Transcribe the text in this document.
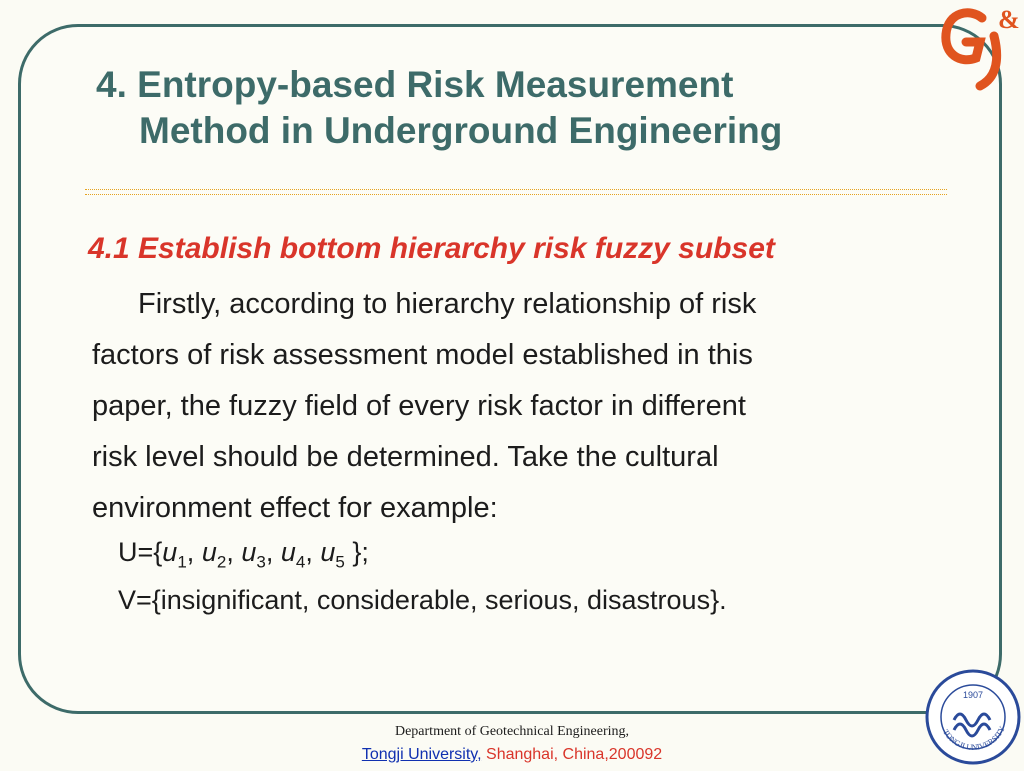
&
4. Entropy-based Risk Measurement
Method in Underground Engineering
4.1 Establish bottom hierarchy risk fuzzy subset
Firstly, according to hierarchy relationship of risk
factors of risk assessment model established in this
paper, the fuzzy field of every risk factor in different
risk level should be determined. Take the cultural
environment effect for example:
$U=\{u_1$, $u_2$, $u_3$, $u_4$, $u_5$ };
V={insignificant, considerable, serious, disastrous}.
1907
TONGJI UNIVERSITY
Department of Geotechnical Engineering,
Tongji University, Shanghai, China,200092
